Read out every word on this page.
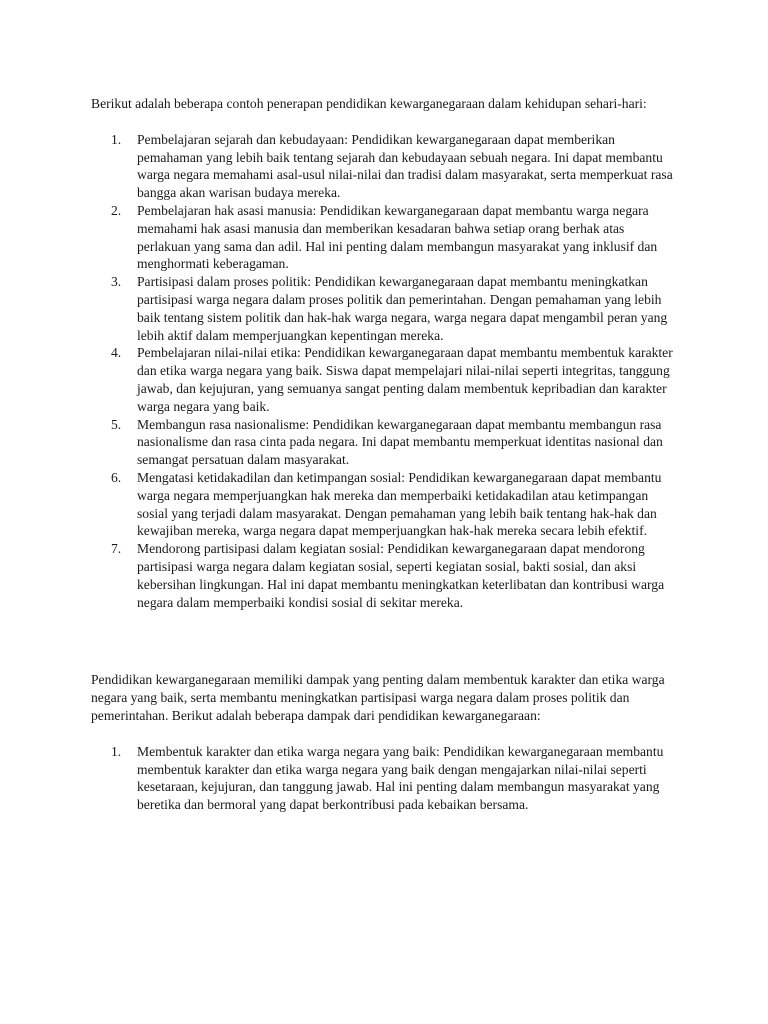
Berikut adalah beberapa contoh penerapan pendidikan kewarganegaraan dalam kehidupan sehari-hari:

1. Pembelajaran sejarah dan kebudayaan: Pendidikan kewarganegaraan dapat memberikan pemahaman yang lebih baik tentang sejarah dan kebudayaan sebuah negara. Ini dapat membantu warga negara memahami asal-usul nilai-nilai dan tradisi dalam masyarakat, serta memperkuat rasa bangga akan warisan budaya mereka.
2. Pembelajaran hak asasi manusia: Pendidikan kewarganegaraan dapat membantu warga negara memahami hak asasi manusia dan memberikan kesadaran bahwa setiap orang berhak atas perlakuan yang sama dan adil. Hal ini penting dalam membangun masyarakat yang inklusif dan menghormati keberagaman.
3. Partisipasi dalam proses politik: Pendidikan kewarganegaraan dapat membantu meningkatkan partisipasi warga negara dalam proses politik dan pemerintahan. Dengan pemahaman yang lebih baik tentang sistem politik dan hak-hak warga negara, warga negara dapat mengambil peran yang lebih aktif dalam memperjuangkan kepentingan mereka.
4. Pembelajaran nilai-nilai etika: Pendidikan kewarganegaraan dapat membantu membentuk karakter dan etika warga negara yang baik. Siswa dapat mempelajari nilai-nilai seperti integritas, tanggung jawab, dan kejujuran, yang semuanya sangat penting dalam membentuk kepribadian dan karakter warga negara yang baik.
5. Membangun rasa nasionalisme: Pendidikan kewarganegaraan dapat membantu membangun rasa nasionalisme dan rasa cinta pada negara. Ini dapat membantu memperkuat identitas nasional dan semangat persatuan dalam masyarakat.
6. Mengatasi ketidakadilan dan ketimpangan sosial: Pendidikan kewarganegaraan dapat membantu warga negara memperjuangkan hak mereka dan memperbaiki ketidakadilan atau ketimpangan sosial yang terjadi dalam masyarakat. Dengan pemahaman yang lebih baik tentang hak-hak dan kewajiban mereka, warga negara dapat memperjuangkan hak-hak mereka secara lebih efektif.
7. Mendorong partisipasi dalam kegiatan sosial: Pendidikan kewarganegaraan dapat mendorong partisipasi warga negara dalam kegiatan sosial, seperti kegiatan sosial, bakti sosial, dan aksi kebersihan lingkungan. Hal ini dapat membantu meningkatkan keterlibatan dan kontribusi warga negara dalam memperbaiki kondisi sosial di sekitar mereka.

Pendidikan kewarganegaraan memiliki dampak yang penting dalam membentuk karakter dan etika warga negara yang baik, serta membantu meningkatkan partisipasi warga negara dalam proses politik dan pemerintahan. Berikut adalah beberapa dampak dari pendidikan kewarganegaraan:

1. Membentuk karakter dan etika warga negara yang baik: Pendidikan kewarganegaraan membantu membentuk karakter dan etika warga negara yang baik dengan mengajarkan nilai-nilai seperti kesetaraan, kejujuran, dan tanggung jawab. Hal ini penting dalam membangun masyarakat yang beretika dan bermoral yang dapat berkontribusi pada kebaikan bersama.
